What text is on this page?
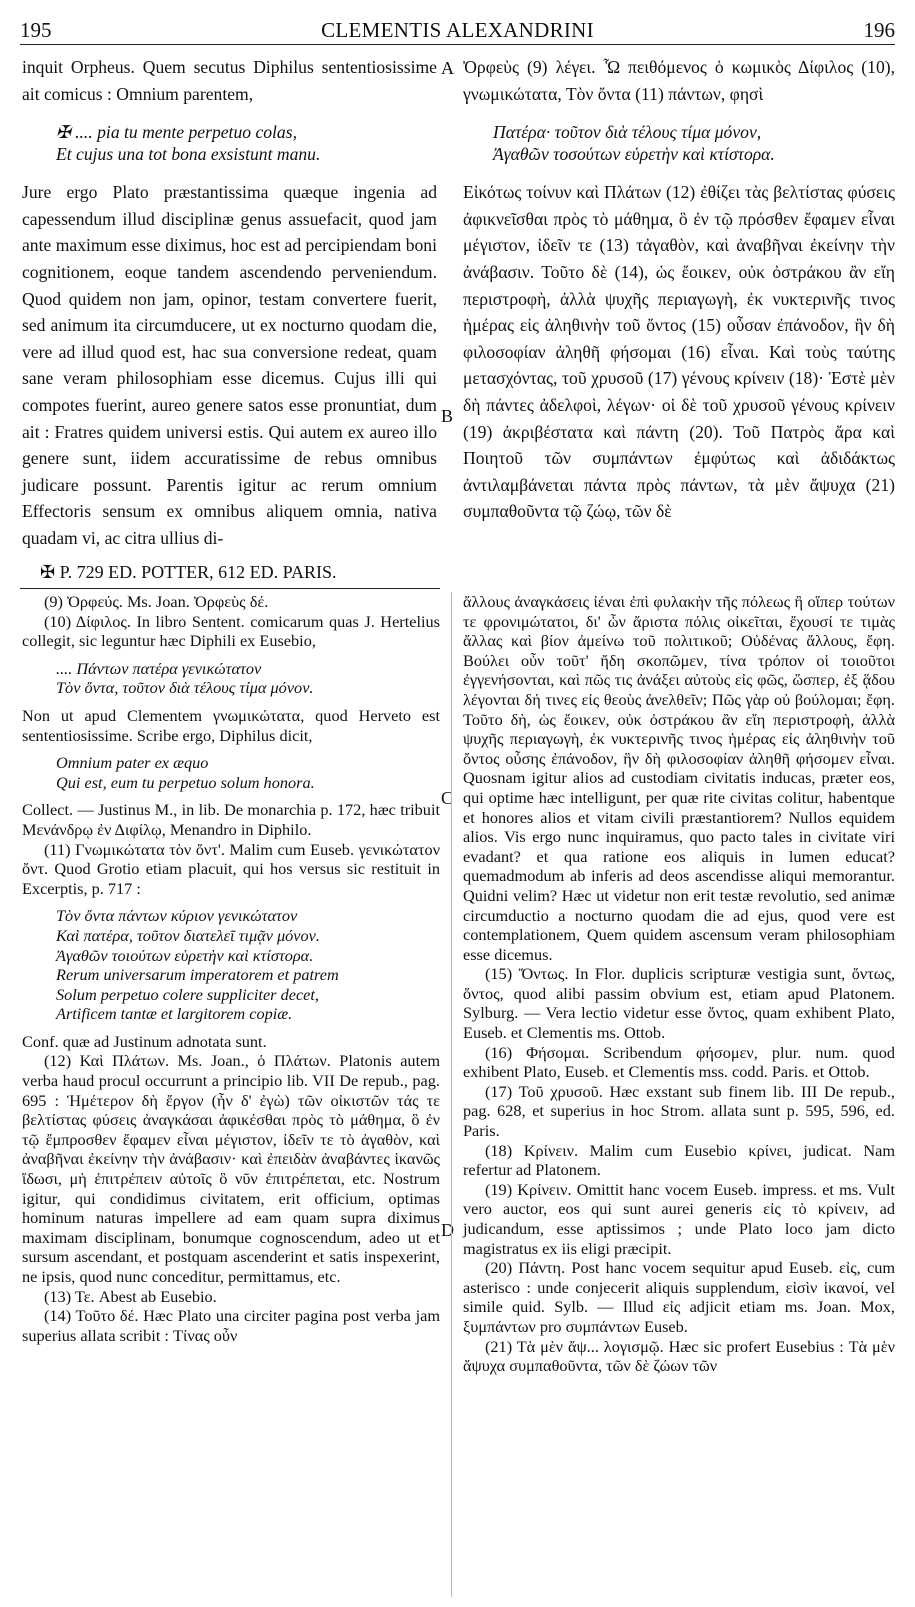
195	CLEMENTIS ALEXANDRINI	196

inquit Orpheus. Quem secutus Diphilus sententiosissime ait comicus : Omnium parentem,

✠ .... pia tu mente perpetuo colas,
Et cujus una tot bona exsistunt manu.

Jure ergo Plato præstantissima quæque ingenia ad capessendum illud disciplinæ genus assuefacit, quod jam ante maximum esse diximus, hoc est ad percipiendam boni cognitionem, eoque tandem ascendendo perveniendum. Quod quidem non jam, opinor, testam convertere fuerit, sed animum ita circumducere, ut ex nocturno quodam die, vere ad illud quod est, hac sua conversione redeat, quam sane veram philosophiam esse dicemus. Cujus illi qui compotes fuerint, aureo genere satos esse pronuntiat, dum ait : Fratres quidem universi estis. Qui autem ex aureo illo genere sunt, iidem accuratissime de rebus omnibus judicare possunt. Parentis igitur ac rerum omnium Effectoris sensum ex omnibus aliquem omnia, nativa quadam vi, ac citra ullius di-

A
B
C
D

Ὀρφεὺς (9) λέγει. Ὧ πειθόμενος ὁ κωμικὸς Δίφιλος (10), γνωμικώτατα, Τὸν ὄντα (11) πάντων, φησὶ

Πατέρα· τοῦτον διὰ τέλους τίμα μόνον,
Ἀγαθῶν τοσούτων εὑρετὴν καὶ κτίστορα.

Εἰκότως τοίνυν καὶ Πλάτων (12) ἐθίζει τὰς βελτίστας φύσεις ἀφικνεῖσθαι πρὸς τὸ μάθημα, ὃ ἐν τῷ πρόσθεν ἔφαμεν εἶναι μέγιστον, ἰδεῖν τε (13) τἀγαθὸν, καὶ ἀναβῆναι ἐκείνην τὴν ἀνάβασιν. Τοῦτο δὲ (14), ὡς ἔοικεν, οὐκ ὀστράκου ἂν εἴη περιστροφὴ, ἀλλὰ ψυχῆς περιαγωγὴ, ἐκ νυκτερινῆς τινος ἡμέρας εἰς ἀληθινὴν τοῦ ὄντος (15) οὖσαν ἐπάνοδον, ἣν δὴ φιλοσοφίαν ἀληθῆ φήσομαι (16) εἶναι. Καὶ τοὺς ταύτης μετασχόντας, τοῦ χρυσοῦ (17) γένους κρίνειν (18)· Ἐστὲ μὲν δὴ πάντες ἀδελφοὶ, λέγων· οἱ δὲ τοῦ χρυσοῦ γένους κρίνειν (19) ἀκριβέστατα καὶ πάντη (20). Τοῦ Πατρὸς ἄρα καὶ Ποιητοῦ τῶν συμπάντων ἐμφύτως καὶ ἀδιδάκτως ἀντιλαμβάνεται πάντα πρὸς πάντων, τὰ μὲν ἄψυχα (21) συμπαθοῦντα τῷ ζώῳ, τῶν δὲ

✠ P. 729 ED. POTTER, 612 ED. PARIS.

(9) Ὀρφεύς. Ms. Joan. Ὀρφεὺς δέ.

(10) Δίφιλος. In libro Sentent. comicarum quas J. Hertelius collegit, sic leguntur hæc Diphili ex Eusebio,

.... Πάντων πατέρα γενικώτατον
Τὸν ὄντα, τοῦτον διὰ τέλους τίμα μόνον.

Non ut apud Clementem γνωμικώτατα, quod Herveto est sententiosissime. Scribe ergo, Diphilus dicit,

Omnium pater ex æquo
Qui est, eum tu perpetuo solum honora.

Collect. — Justinus M., in lib. De monarchia p. 172, hæc tribuit Μενάνδρῳ ἐν Διφίλῳ, Menandro in Diphilo.

(11) Γνωμικώτατα τὸν ὄντ'. Malim cum Euseb. γενικώτατον ὄντ. Quod Grotio etiam placuit, qui hos versus sic restituit in Excerptis, p. 717 :

Τὸν ὄντα πάντων κύριον γενικώτατον
Καὶ πατέρα, τοῦτον διατελεῖ τιμᾷν μόνον.
Ἀγαθῶν τοιούτων εὑρετὴν καὶ κτίστορα.
Rerum universarum imperatorem et patrem
Solum perpetuo colere suppliciter decet,
Artificem tantæ et largitorem copiæ.

Conf. quæ ad Justinum adnotata sunt.

(12) Καὶ Πλάτων. Ms. Joan., ὁ Πλάτων. Platonis autem verba haud procul occurrunt a principio lib. VII De repub., pag. 695 : Ἡμέτερον δὴ ἔργον (ἦν δ' ἐγὼ) τῶν οἰκιστῶν τάς τε βελτίστας φύσεις ἀναγκάσαι ἀφικέσθαι πρὸς τὸ μάθημα, ὃ ἐν τῷ ἔμπροσθεν ἔφαμεν εἶναι μέγιστον, ἰδεῖν τε τὸ ἀγαθὸν, καὶ ἀναβῆναι ἐκείνην τὴν ἀνάβασιν· καὶ ἐπειδὰν ἀναβάντες ἱκανῶς ἴδωσι, μὴ ἐπιτρέπειν αὐτοῖς ὃ νῦν ἐπιτρέπεται, etc. Nostrum igitur, qui condidimus civitatem, erit officium, optimas hominum naturas impellere ad eam quam supra diximus maximam disciplinam, bonumque cognoscendum, adeo ut et sursum ascendant, et postquam ascenderint et satis inspexerint, ne ipsis, quod nunc conceditur, permittamus, etc.

(13) Τε. Abest ab Eusebio.

(14) Τοῦτο δέ. Hæc Plato una circiter pagina post verba jam superius allata scribit : Τίνας οὖν

ἄλλους ἀναγκάσεις ἰέναι ἐπὶ φυλακὴν τῆς πόλεως ἢ οἵπερ τούτων τε φρονιμώτατοι, δι' ὧν ἄριστα πόλις οἰκεῖται, ἔχουσί τε τιμὰς ἄλλας καὶ βίον ἀμείνω τοῦ πολιτικοῦ; Οὐδένας ἄλλους, ἔφη. Βούλει οὖν τοῦτ' ἤδη σκοπῶμεν, τίνα τρόπον οἱ τοιοῦτοι ἐγγενήσονται, καὶ πῶς τις ἀνάξει αὐτοὺς εἰς φῶς, ὥσπερ, ἐξ ᾅδου λέγονται δή τινες εἰς θεοὺς ἀνελθεῖν; Πῶς γὰρ οὐ βούλομαι; ἔφη. Τοῦτο δὴ, ὡς ἔοικεν, οὐκ ὀστράκου ἂν εἴη περιστροφὴ, ἀλλὰ ψυχῆς περιαγωγὴ, ἐκ νυκτερινῆς τινος ἡμέρας εἰς ἀληθινὴν τοῦ ὄντος οὖσης ἐπάνοδον, ἣν δὴ φιλοσοφίαν ἀληθῆ φήσομεν εἶναι. Quosnam igitur alios ad custodiam civitatis inducas, præter eos, qui optime hæc intelligunt, per quæ rite civitas colitur, habentque et honores alios et vitam civili præstantiorem? Nullos equidem alios. Vis ergo nunc inquiramus, quo pacto tales in civitate viri evadant? et qua ratione eos aliquis in lumen educat? quemadmodum ab inferis ad deos ascendisse aliqui memorantur. Quidni velim? Hæc ut videtur non erit testæ revolutio, sed animæ circumductio a nocturno quodam die ad ejus, quod vere est contemplationem, Quem quidem ascensum veram philosophiam esse dicemus.

(15) Ὄντως. In Flor. duplicis scripturæ vestigia sunt, ὄντως, ὄντος, quod alibi passim obvium est, etiam apud Platonem. Sylburg. — Vera lectio videtur esse ὄντος, quam exhibent Plato, Euseb. et Clementis ms. Ottob.

(16) Φήσομαι. Scribendum φήσομεν, plur. num. quod exhibent Plato, Euseb. et Clementis mss. codd. Paris. et Ottob.

(17) Τοῦ χρυσοῦ. Hæc exstant sub finem lib. III De repub., pag. 628, et superius in hoc Strom. allata sunt p. 595, 596, ed. Paris.

(18) Κρίνειν. Malim cum Eusebio κρίνει, judicat. Nam refertur ad Platonem.

(19) Κρίνειν. Omittit hanc vocem Euseb. impress. et ms. Vult vero auctor, eos qui sunt aurei generis εἰς τὸ κρίνειν, ad judicandum, esse aptissimos ; unde Plato loco jam dicto magistratus ex iis eligi præcipit.

(20) Πάντη. Post hanc vocem sequitur apud Euseb. εἰς, cum asterisco : unde conjecerit aliquis supplendum, εἰσὶν ἱκανοί, vel simile quid. Sylb. — Illud εἰς adjicit etiam ms. Joan. Mox, ξυμπάντων pro συμπάντων Euseb.

(21) Τὰ μὲν ἄψ... λογισμῷ. Hæc sic profert Eusebius : Τὰ μὲν ἄψυχα συμπαθοῦντα, τῶν δὲ ζώων τῶν
